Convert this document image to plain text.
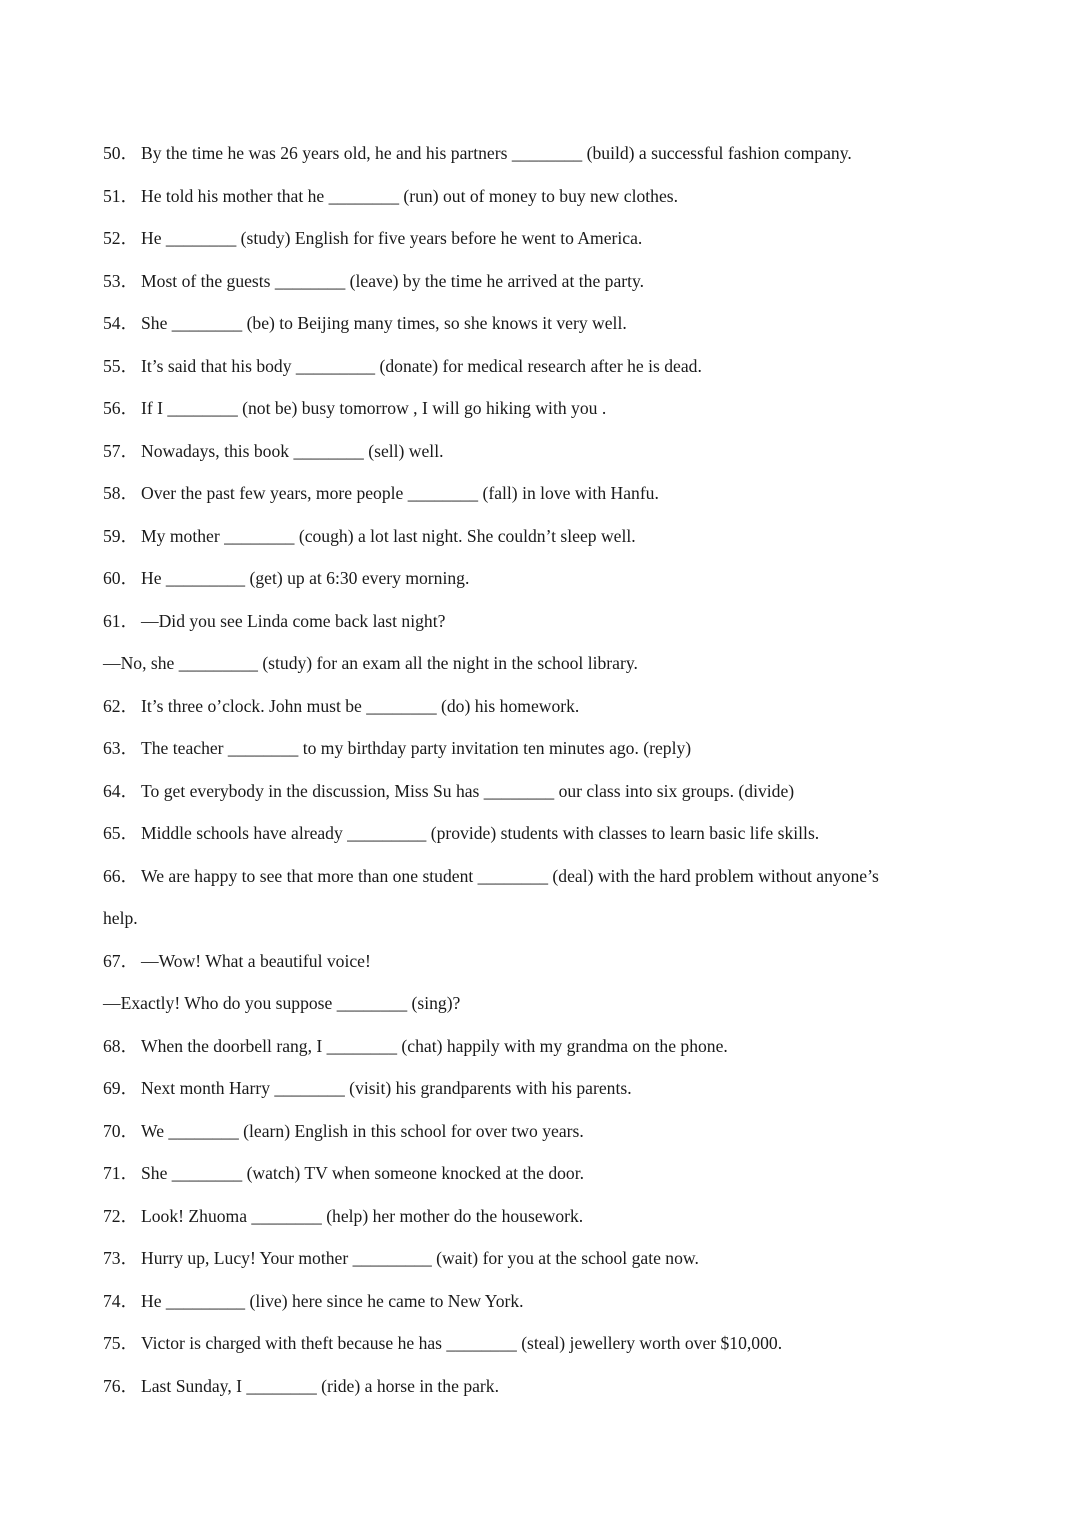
50． By the time he was 26 years old, he and his partners ________ (build) a successful fashion company.
51． He told his mother that he ________ (run) out of money to buy new clothes.
52． He ________ (study) English for five years before he went to America.
53． Most of the guests ________ (leave) by the time he arrived at the party.
54． She ________ (be) to Beijing many times, so she knows it very well.
55． It’s said that his body _________ (donate) for medical research after he is dead.
56． If I ________ (not be) busy tomorrow , I will go hiking with you .
57． Nowadays, this book ________ (sell) well.
58． Over the past few years, more people ________ (fall) in love with Hanfu.
59． My mother ________ (cough) a lot last night. She couldn’t sleep well.
60． He _________ (get) up at 6:30 every morning.
61． —Did you see Linda come back last night?
—No, she _________ (study) for an exam all the night in the school library.
62． It’s three o’clock. John must be ________ (do) his homework.
63． The teacher ________ to my birthday party invitation ten minutes ago. (reply)
64． To get everybody in the discussion, Miss Su has ________ our class into six groups. (divide)
65． Middle schools have already _________ (provide) students with classes to learn basic life skills.
66． We are happy to see that more than one student ________ (deal) with the hard problem without anyone’s
help.
67． —Wow! What a beautiful voice!
—Exactly! Who do you suppose ________ (sing)?
68． When the doorbell rang, I ________ (chat) happily with my grandma on the phone.
69． Next month Harry ________ (visit) his grandparents with his parents.
70． We ________ (learn) English in this school for over two years.
71． She ________ (watch) TV when someone knocked at the door.
72． Look! Zhuoma ________ (help) her mother do the housework.
73． Hurry up, Lucy! Your mother _________ (wait) for you at the school gate now.
74． He _________ (live) here since he came to New York.
75． Victor is charged with theft because he has ________ (steal) jewellery worth over $10,000.
76． Last Sunday, I ________ (ride) a horse in the park.
